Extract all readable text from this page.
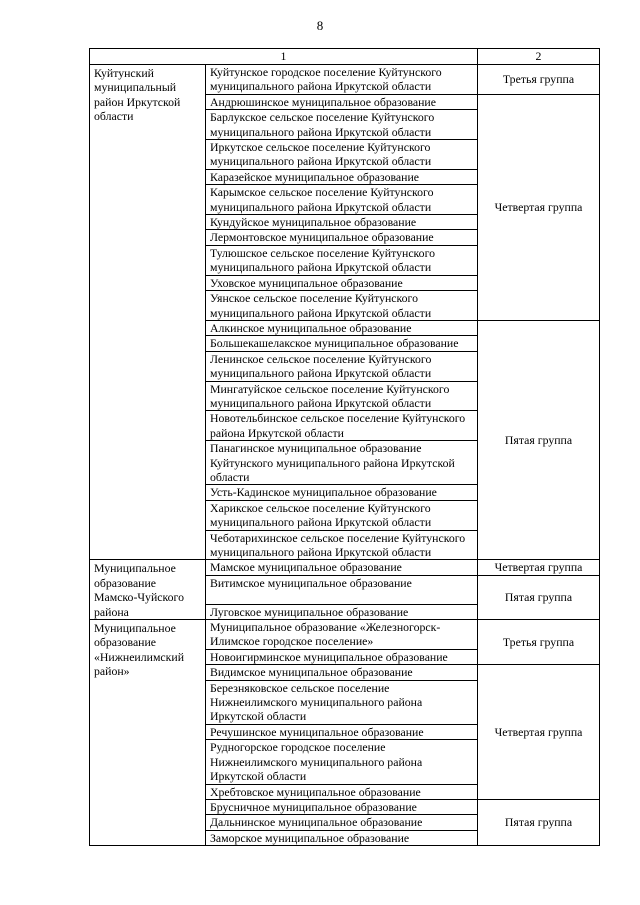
8
1		2
Куйтунский муниципальный район Иркутской области	Куйтунское городское поселение Куйтунского муниципального района Иркутской области	Третья группа
	Андрюшинское муниципальное образование	Четвертая группа
	Барлукское сельское поселение Куйтунского муниципального района Иркутской области	
	Иркутское сельское поселение Куйтунского муниципального района Иркутской области	
	Каразейское муниципальное образование	
	Карымское сельское поселение Куйтунского муниципального района Иркутской области	
	Кундуйское муниципальное образование	
	Лермонтовское муниципальное образование	
	Тулюшское сельское поселение Куйтунского муниципального района Иркутской области	
	Уховское муниципальное образование	
	Уянское сельское поселение Куйтунского муниципального района Иркутской области	
	Алкинское муниципальное образование	Пятая группа
	Большекашелакское муниципальное образование	
	Ленинское сельское поселение Куйтунского муниципального района Иркутской области	
	Мингатуйское сельское поселение Куйтунского муниципального района Иркутской области	
	Новотельбинское сельское поселение Куйтунского района Иркутской области	
	Панагинское муниципальное образование Куйтунского муниципального района Иркутской области	
	Усть-Кадинское муниципальное образование	
	Харикское сельское поселение Куйтунского муниципального района Иркутской области	
	Чеботарихинское сельское поселение Куйтунского муниципального района Иркутской области	
Муниципальное образование Мамско-Чуйского района	Мамское муниципальное образование	Четвертая группа
	Витимское муниципальное образование	Пятая группа
	Луговское муниципальное образование	
Муниципальное образование «Нижнеилимский район»	Муниципальное образование «Железногорск-Илимское городское поселение»	Третья группа
	Новоигирминское муниципальное образование	
	Видимское муниципальное образование	Четвертая группа
	Березняковское сельское поселение Нижнеилимского муниципального района Иркутской области	
	Речушинское муниципальное образование	
	Рудногорское городское поселение Нижнеилимского муниципального района Иркутской области	
	Хребтовское муниципальное образование	
	Брусничное муниципальное образование	Пятая группа
	Дальнинское муниципальное образование	
	Заморское муниципальное образование	
